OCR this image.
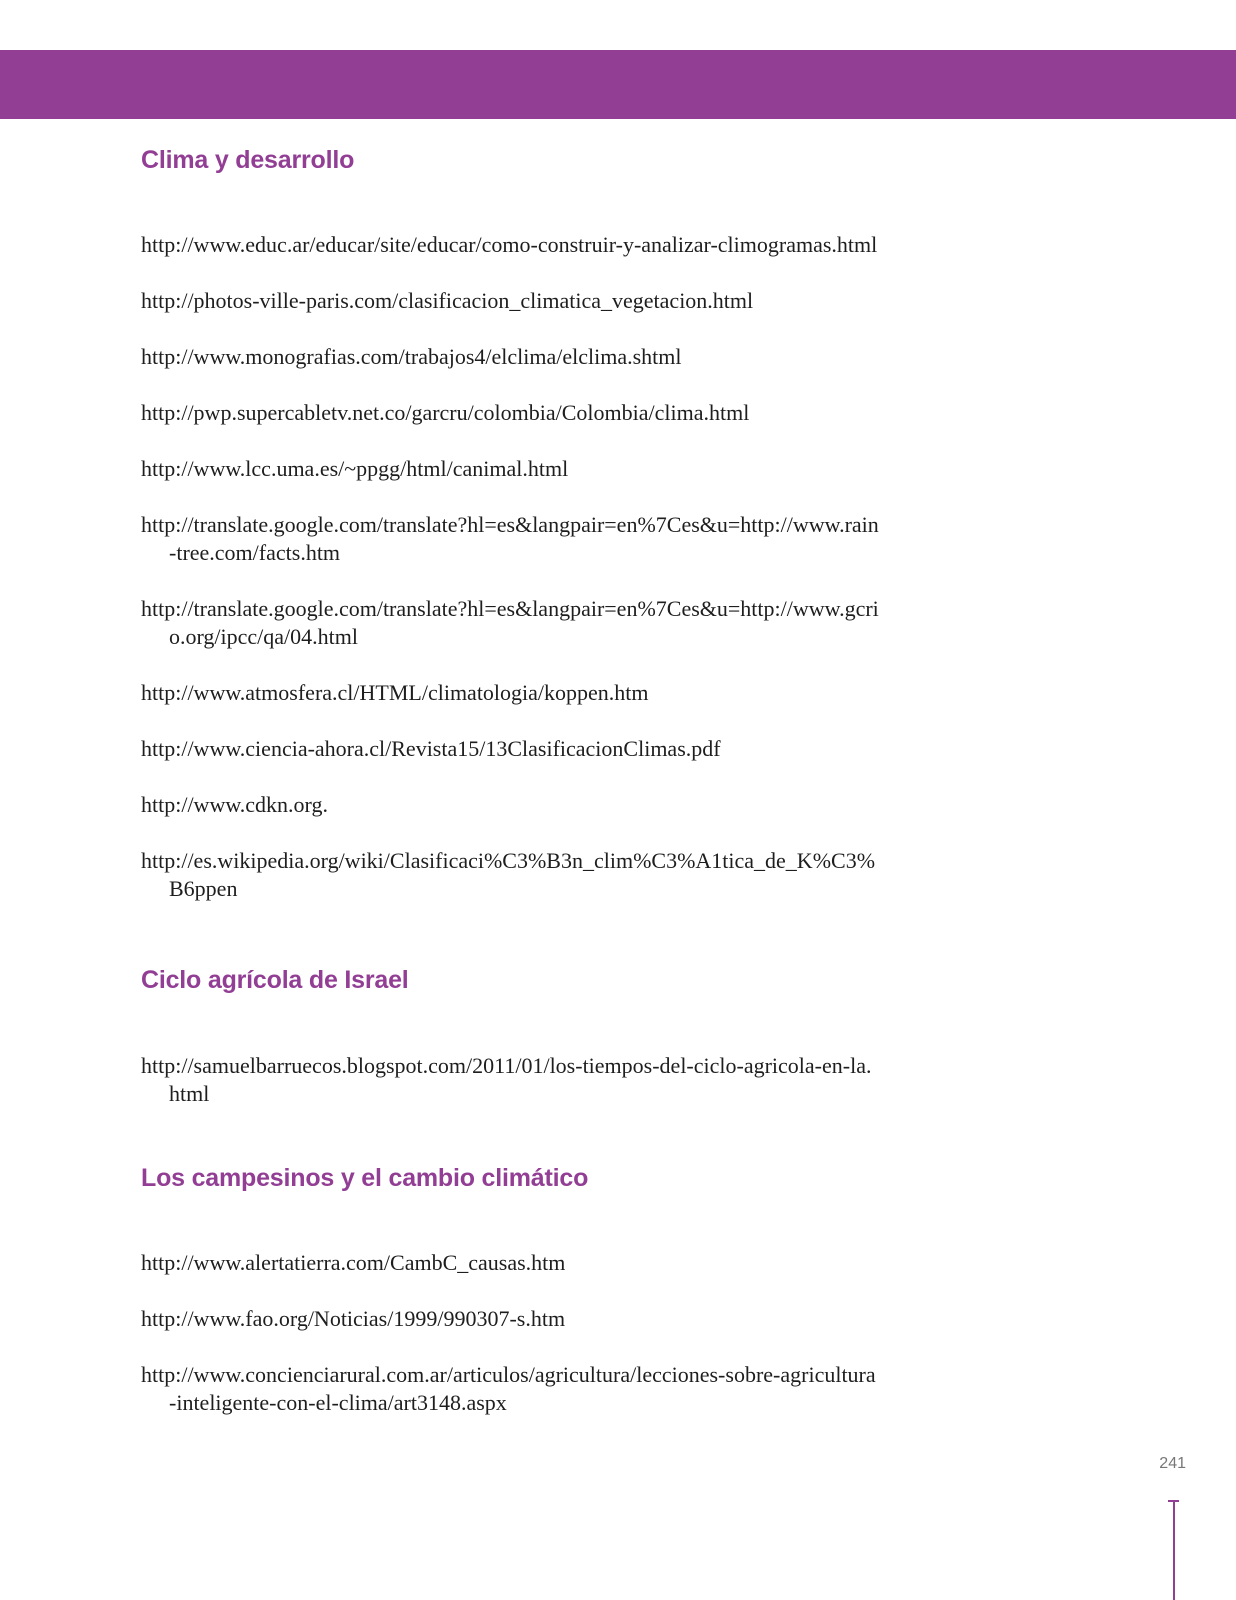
Clima y desarrollo
http://www.educ.ar/educar/site/educar/como-construir-y-analizar-climogramas.html
http://photos-ville-paris.com/clasificacion_climatica_vegetacion.html
http://www.monografias.com/trabajos4/elclima/elclima.shtml
http://pwp.supercabletv.net.co/garcru/colombia/Colombia/clima.html
http://www.lcc.uma.es/~ppgg/html/canimal.html
http://translate.google.com/translate?hl=es&langpair=en%7Ces&u=http://www.rain-tree.com/facts.htm
http://translate.google.com/translate?hl=es&langpair=en%7Ces&u=http://www.gcrio.org/ipcc/qa/04.html
http://www.atmosfera.cl/HTML/climatologia/koppen.htm
http://www.ciencia-ahora.cl/Revista15/13ClasificacionClimas.pdf
http://www.cdkn.org.
http://es.wikipedia.org/wiki/Clasificaci%C3%B3n_clim%C3%A1tica_de_K%C3%B6ppen
Ciclo agrícola de Israel
http://samuelbarruecos.blogspot.com/2011/01/los-tiempos-del-ciclo-agricola-en-la.html
Los campesinos y el cambio climático
http://www.alertatierra.com/CambC_causas.htm
http://www.fao.org/Noticias/1999/990307-s.htm
http://www.concienciarural.com.ar/articulos/agricultura/lecciones-sobre-agricultura-inteligente-con-el-clima/art3148.aspx
241
